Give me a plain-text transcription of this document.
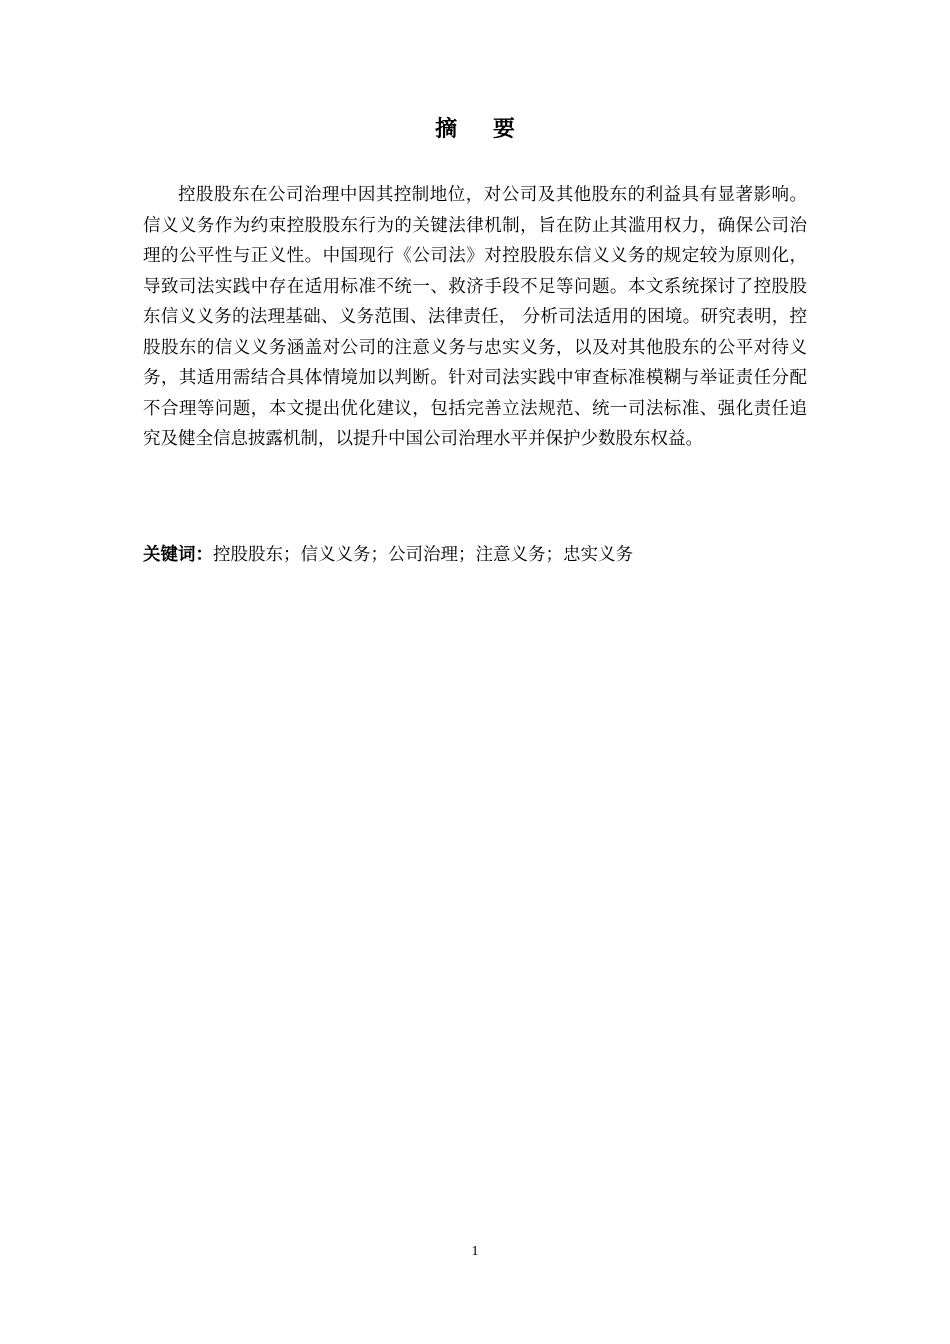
摘 要

控股股东在公司治理中因其控制地位，对公司及其他股东的利益具有显著影响。信义义务作为约束控股股东行为的关键法律机制，旨在防止其滥用权力，确保公司治理的公平性与正义性。中国现行《公司法》对控股股东信义义务的规定较为原则化，导致司法实践中存在适用标准不统一、救济手段不足等问题。本文系统探讨了控股股东信义义务的法理基础、义务范围、法律责任， 分析司法适用的困境。研究表明，控股股东的信义义务涵盖对公司的注意义务与忠实义务，以及对其他股东的公平对待义务，其适用需结合具体情境加以判断。针对司法实践中审查标准模糊与举证责任分配不合理等问题，本文提出优化建议，包括完善立法规范、统一司法标准、强化责任追究及健全信息披露机制，以提升中国公司治理水平并保护少数股东权益。

关键词：控股股东；信义义务；公司治理；注意义务；忠实义务

1
